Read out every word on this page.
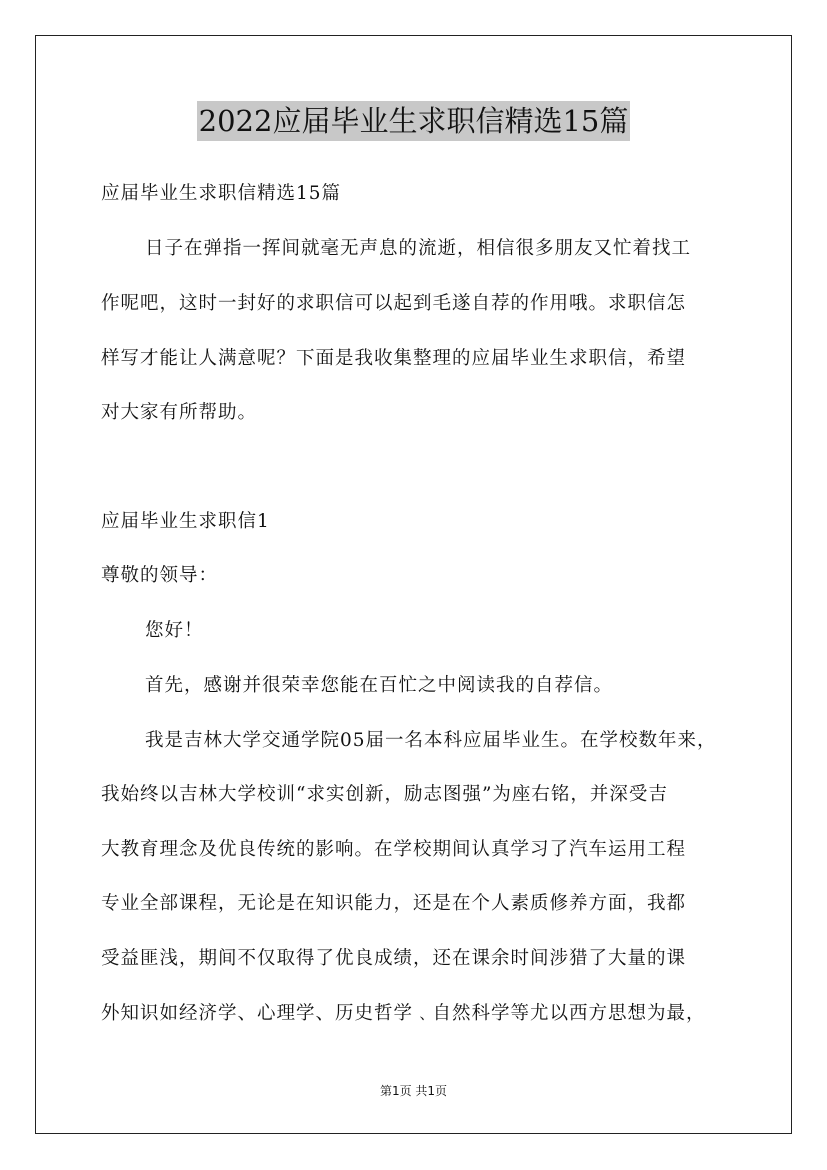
2022应届毕业生求职信精选15篇
应届毕业生求职信精选15篇
日子在弹指一挥间就毫无声息的流逝，相信很多朋友又忙着找工
作呢吧，这时一封好的求职信可以起到毛遂自荐的作用哦。求职信怎
样写才能让人满意呢？下面是我收集整理的应届毕业生求职信，希望
对大家有所帮助。
应届毕业生求职信1
尊敬的领导：
您好！
首先，感谢并很荣幸您能在百忙之中阅读我的自荐信。
我是吉林大学交通学院05届一名本科应届毕业生。在学校数年来，
我始终以吉林大学校训“求实创新，励志图强”为座右铭，并深受吉
大教育理念及优良传统的影响。在学校期间认真学习了汽车运用工程
专业全部课程，无论是在知识能力，还是在个人素质修养方面，我都
受益匪浅，期间不仅取得了优良成绩，还在课余时间涉猎了大量的课
外知识如经济学、心理学、历史哲学﹑自然科学等尤以西方思想为最，
第1页 共1页
